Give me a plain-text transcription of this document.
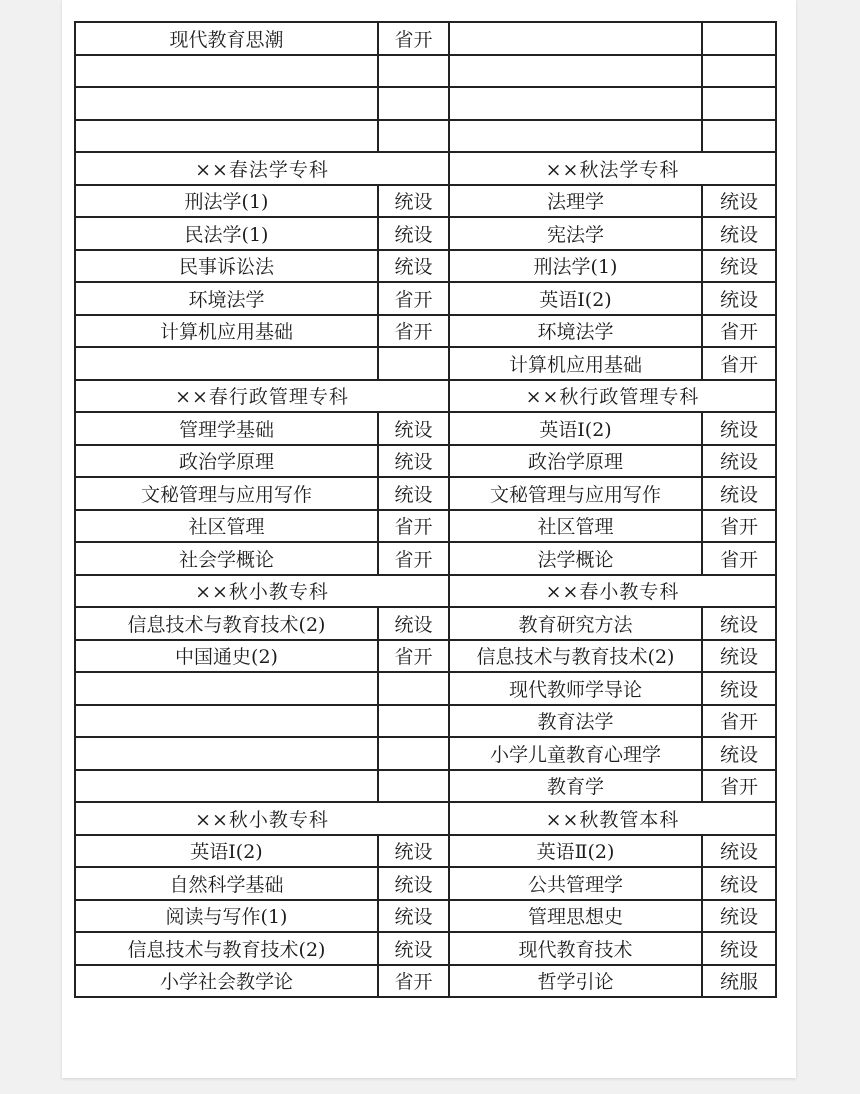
现代教育思潮	省开		

××春法学专科		××秋法学专科	
刑法学(1)	统设	法理学	统设
民法学(1)	统设	宪法学	统设
民事诉讼法	统设	刑法学(1)	统设
环境法学	省开	英语Ⅰ(2)	统设
计算机应用基础	省开	环境法学	省开
		计算机应用基础	省开
××春行政管理专科		××秋行政管理专科	
管理学基础	统设	英语Ⅰ(2)	统设
政治学原理	统设	政治学原理	统设
文秘管理与应用写作	统设	文秘管理与应用写作	统设
社区管理	省开	社区管理	省开
社会学概论	省开	法学概论	省开
××秋小教专科		××春小教专科	
信息技术与教育技术(2)	统设	教育研究方法	统设
中国通史(2)	省开	信息技术与教育技术(2)	统设
		现代教师学导论	统设
		教育法学	省开
		小学儿童教育心理学	统设
		教育学	省开
××秋小教专科		××秋教管本科	
英语Ⅰ(2)	统设	英语Ⅱ(2)	统设
自然科学基础	统设	公共管理学	统设
阅读与写作(1)	统设	管理思想史	统设
信息技术与教育技术(2)	统设	现代教育技术	统设
小学社会教学论	省开	哲学引论	统服
